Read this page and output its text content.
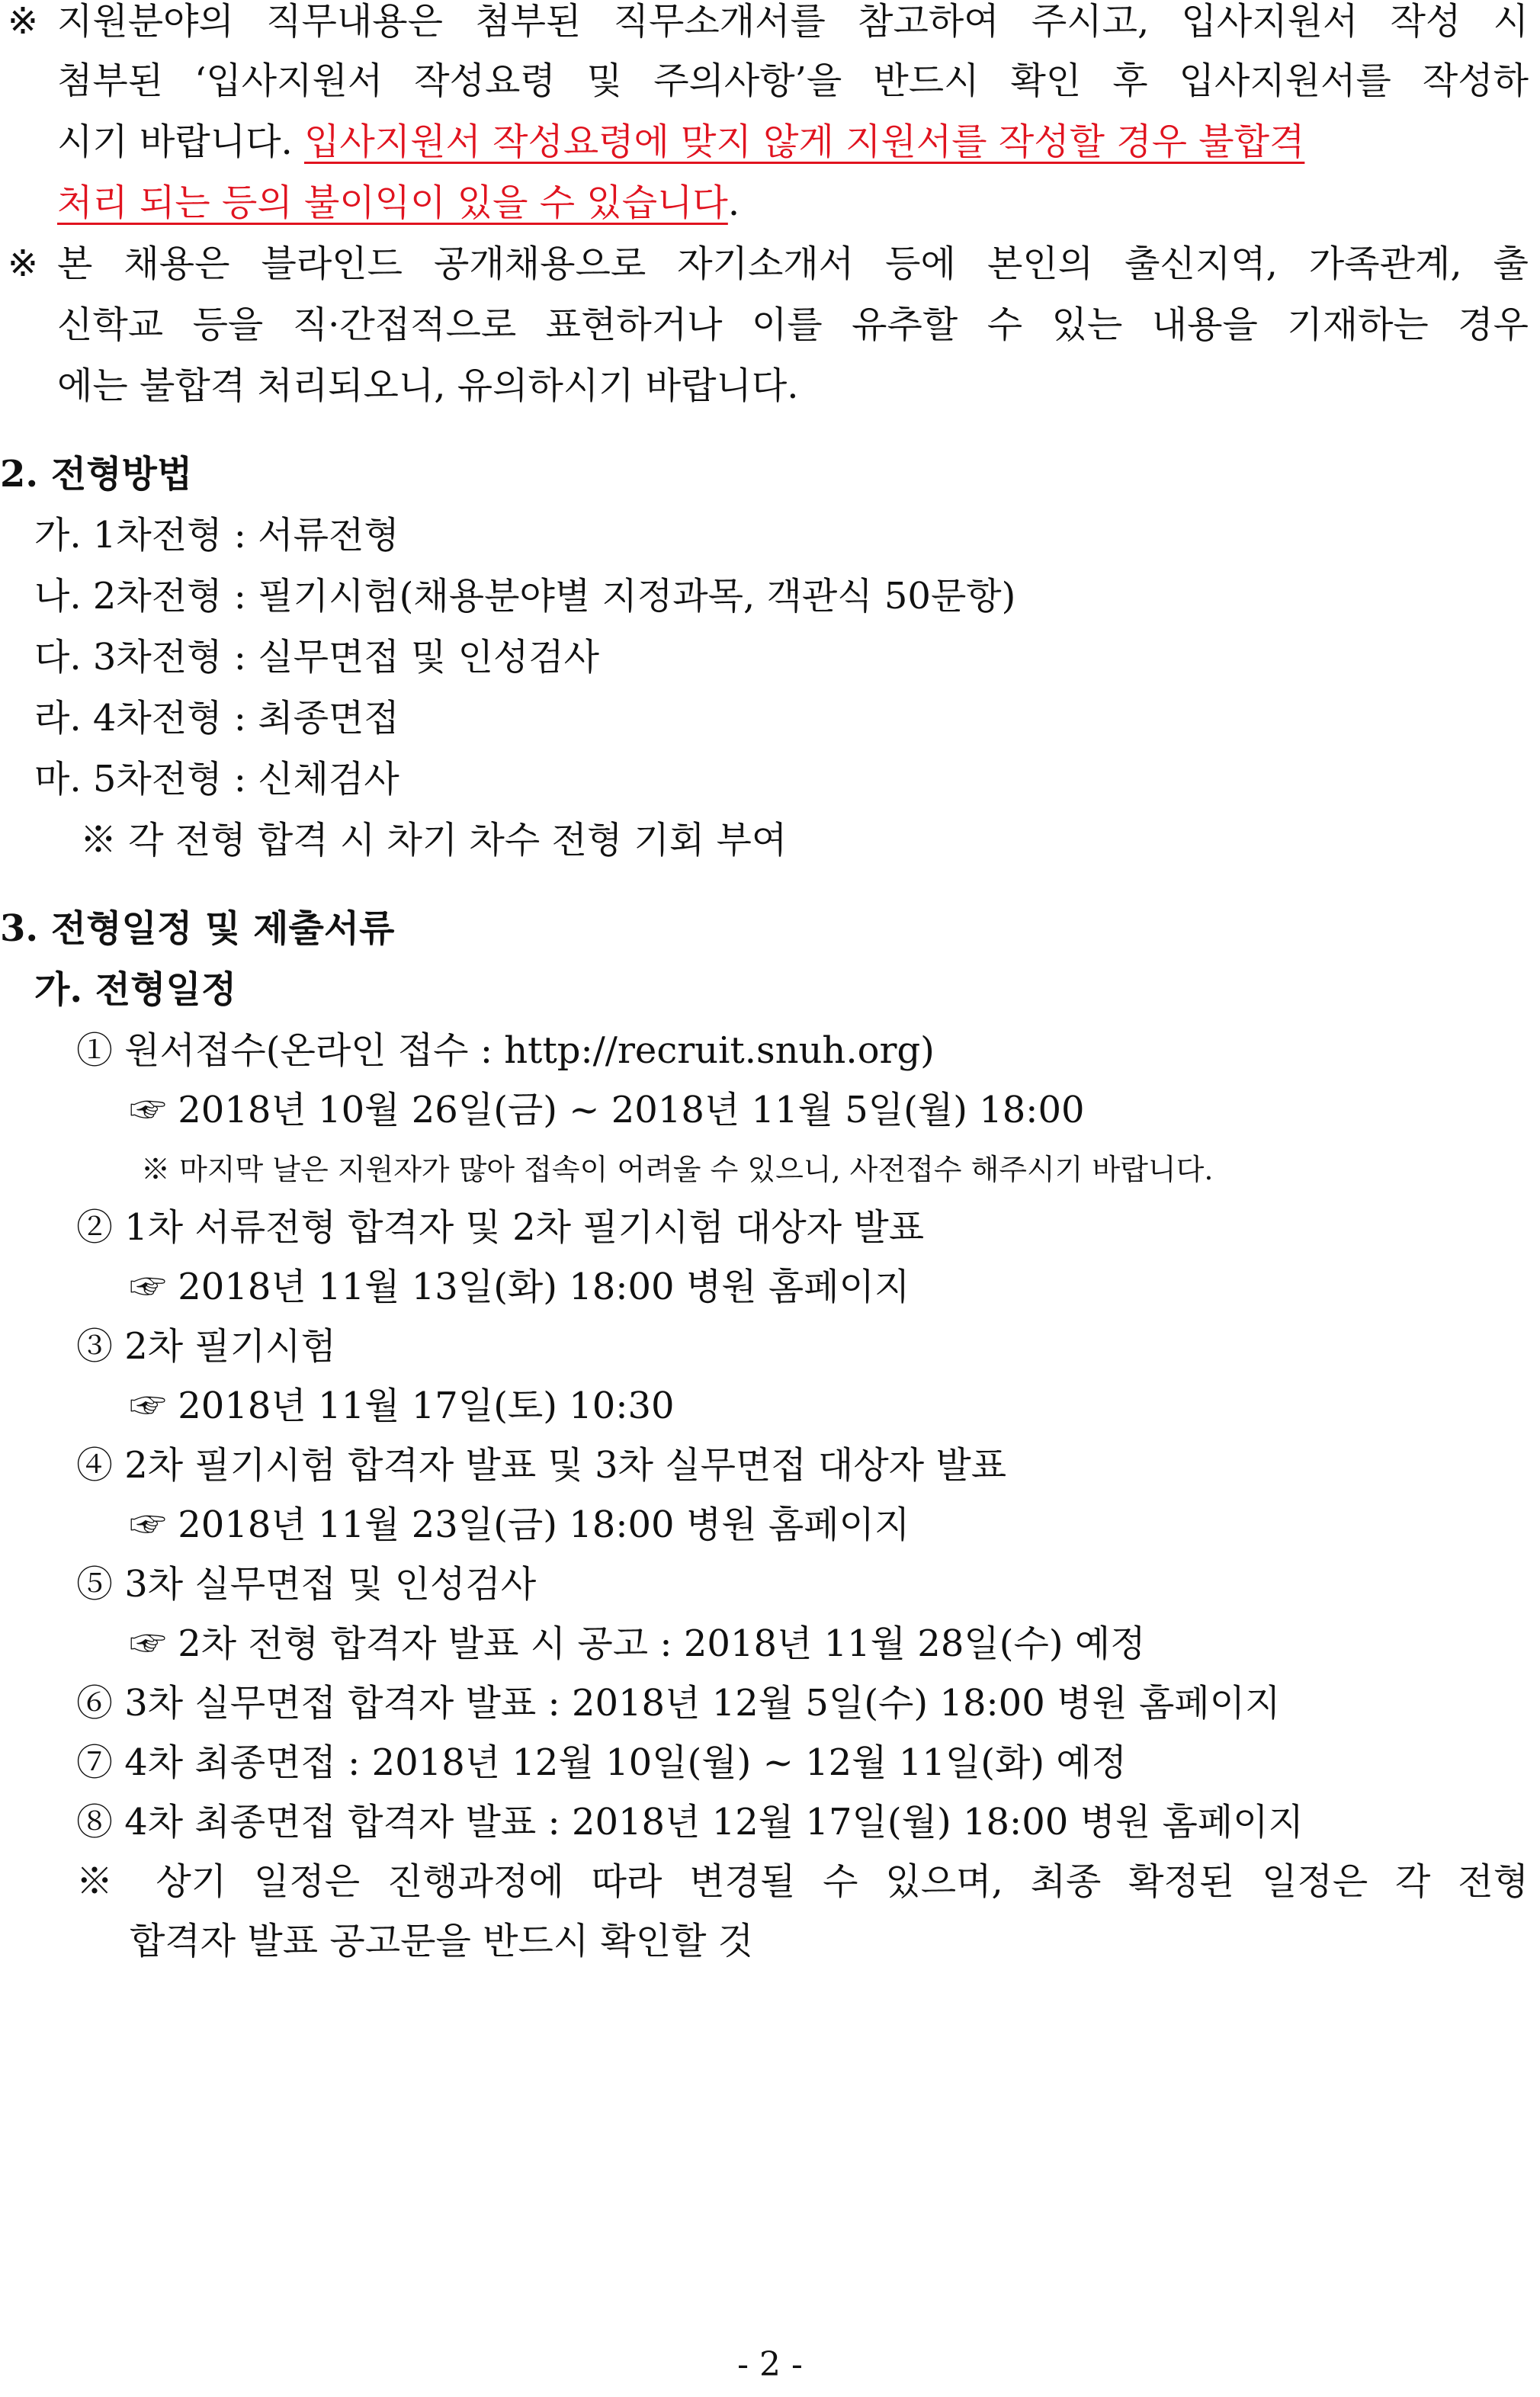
※ 지원분야의 직무내용은 첨부된 직무소개서를 참고하여 주시고, 입사지원서 작성 시
첨부된 ‘입사지원서 작성요령 및 주의사항’을 반드시 확인 후 입사지원서를 작성하
시기 바랍니다. 입사지원서 작성요령에 맞지 않게 지원서를 작성할 경우 불합격
처리 되는 등의 불이익이 있을 수 있습니다.
※ 본 채용은 블라인드 공개채용으로 자기소개서 등에 본인의 출신지역, 가족관계, 출
신학교 등을 직·간접적으로 표현하거나 이를 유추할 수 있는 내용을 기재하는 경우
에는 불합격 처리되오니, 유의하시기 바랍니다.
2. 전형방법
가. 1차전형 : 서류전형
나. 2차전형 : 필기시험(채용분야별 지정과목, 객관식 50문항)
다. 3차전형 : 실무면접 및 인성검사
라. 4차전형 : 최종면접
마. 5차전형 : 신체검사
※ 각 전형 합격 시 차기 차수 전형 기회 부여
3. 전형일정 및 제출서류
가. 전형일정
① 원서접수(온라인 접수 : http://recruit.snuh.org)
☞ 2018년 10월 26일(금) ~ 2018년 11월 5일(월) 18:00
※ 마지막 날은 지원자가 많아 접속이 어려울 수 있으니, 사전접수 해주시기 바랍니다.
② 1차 서류전형 합격자 및 2차 필기시험 대상자 발표
☞ 2018년 11월 13일(화) 18:00 병원 홈페이지
③ 2차 필기시험
☞ 2018년 11월 17일(토) 10:30
④ 2차 필기시험 합격자 발표 및 3차 실무면접 대상자 발표
☞ 2018년 11월 23일(금) 18:00 병원 홈페이지
⑤ 3차 실무면접 및 인성검사
☞ 2차 전형 합격자 발표 시 공고 : 2018년 11월 28일(수) 예정
⑥ 3차 실무면접 합격자 발표 : 2018년 12월 5일(수) 18:00 병원 홈페이지
⑦ 4차 최종면접 : 2018년 12월 10일(월) ~ 12월 11일(화) 예정
⑧ 4차 최종면접 합격자 발표 : 2018년 12월 17일(월) 18:00 병원 홈페이지
※ 상기 일정은 진행과정에 따라 변경될 수 있으며, 최종 확정된 일정은 각 전형
합격자 발표 공고문을 반드시 확인할 것
- 2 -
